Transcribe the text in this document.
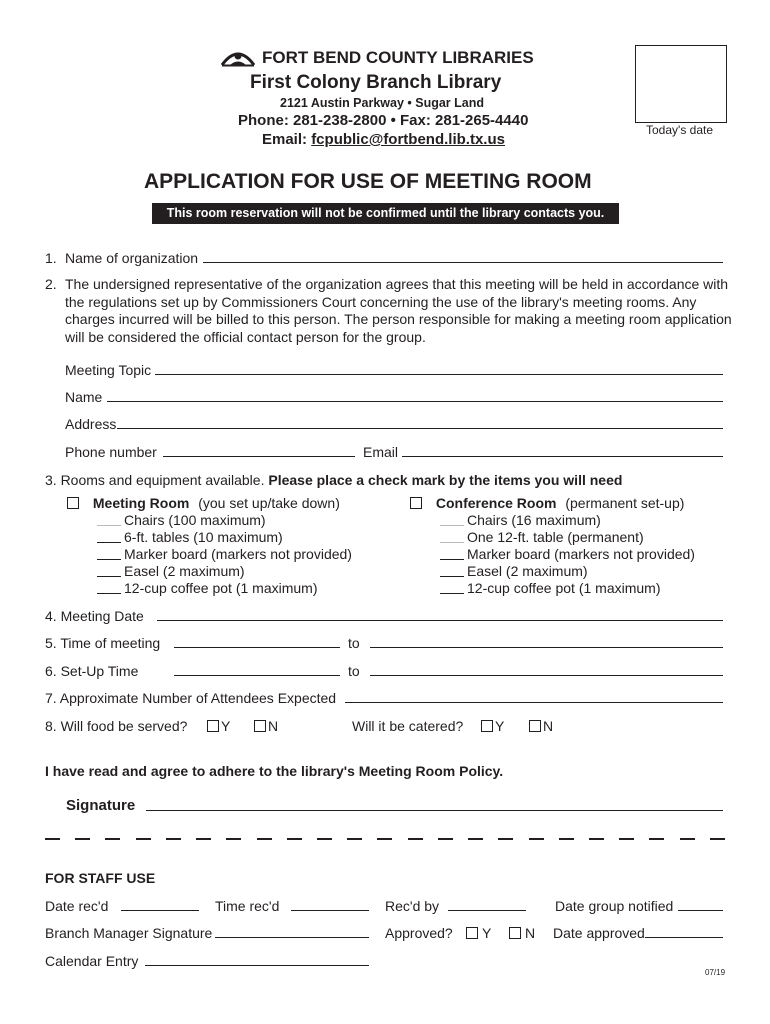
FORT BEND COUNTY LIBRARIES
First Colony Branch Library
2121 Austin Parkway • Sugar Land
Phone: 281-238-2800 • Fax: 281-265-4440
Email: fcpublic@fortbend.lib.tx.us
Today's date
APPLICATION FOR USE OF MEETING ROOM
This room reservation will not be confirmed until the library contacts you.
1. Name of organization
2. The undersigned representative of the organization agrees that this meeting will be held in accordance with the regulations set up by Commissioners Court concerning the use of the library's meeting rooms. Any charges incurred will be billed to this person. The person responsible for making a meeting room application will be considered the official contact person for the group.
Meeting Topic
Name
Address
Phone number	Email
3. Rooms and equipment available. Please place a check mark by the items you will need
Meeting Room (you set up/take down)
Chairs (100 maximum)
6-ft. tables (10 maximum)
Marker board (markers not provided)
Easel (2 maximum)
12-cup coffee pot (1 maximum)
Conference Room (permanent set-up)
Chairs (16 maximum)
One 12-ft. table (permanent)
Marker board (markers not provided)
Easel (2 maximum)
12-cup coffee pot (1 maximum)
4. Meeting Date
5. Time of meeting	to
6. Set-Up Time	to
7. Approximate Number of Attendees Expected
8. Will food be served?	Y	N	Will it be catered?	Y	N
I have read and agree to adhere to the library's Meeting Room Policy.
Signature
FOR STAFF USE
Date rec'd	Time rec'd	Rec'd by	Date group notified
Branch Manager Signature	Approved?	Y	N Date approved
Calendar Entry
07/19
